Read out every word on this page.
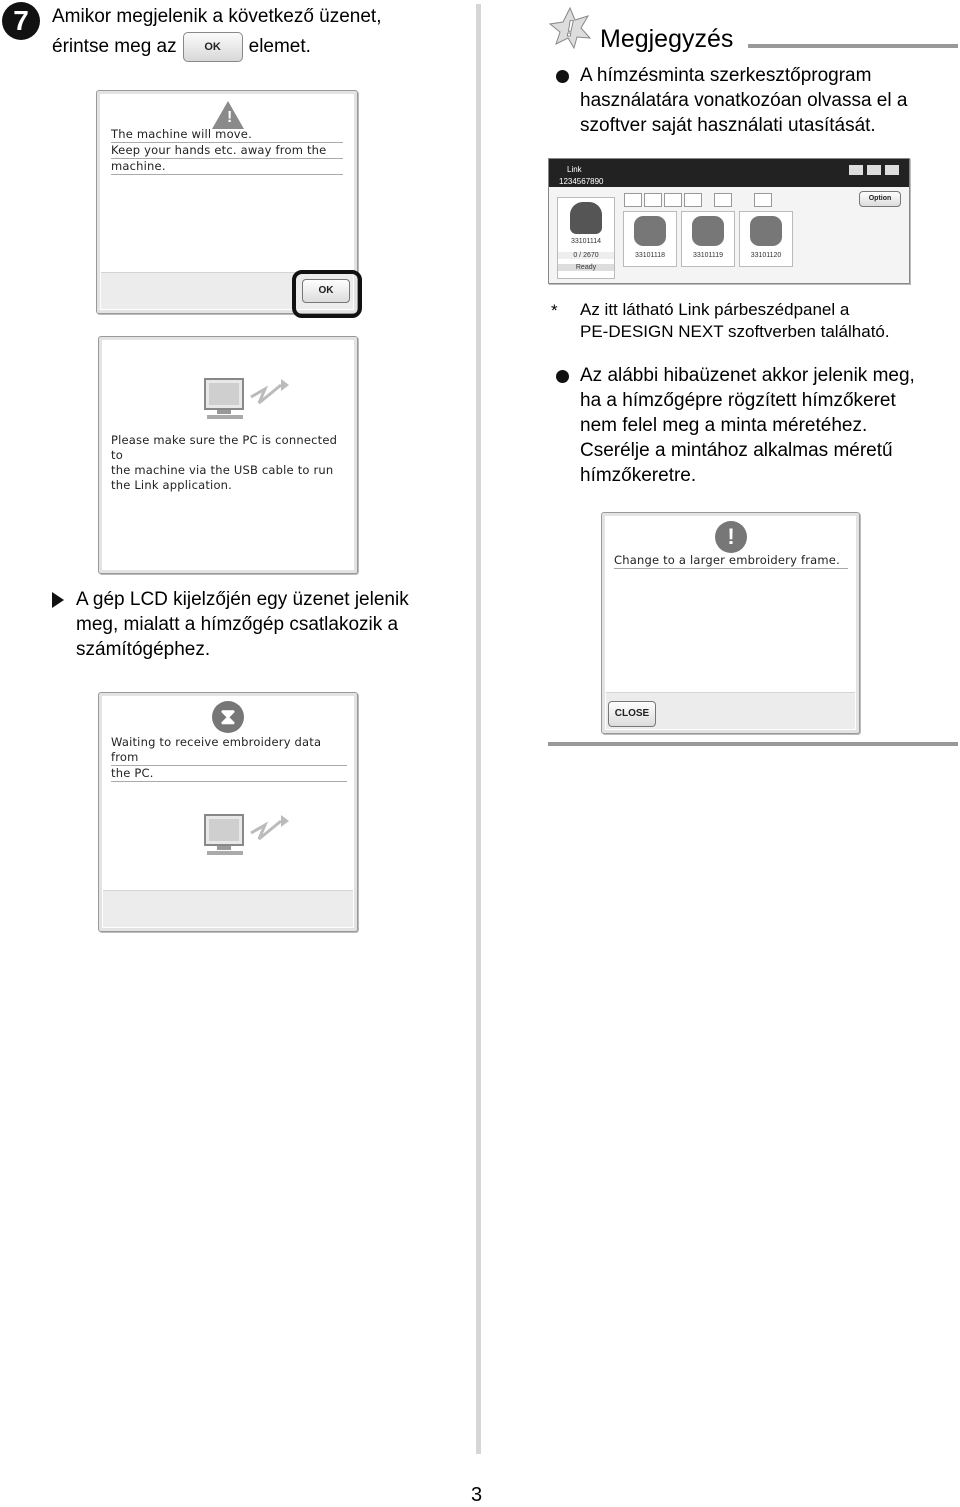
7	Amikor megjelenik a következő üzenet,
érintse meg az	OK elemet.
!
The machine will move.
Keep your hands etc. away from the
machine.
OK
Please make sure the PC is connected to
the machine via the USB cable to run
the Link application.
A gép LCD kijelzőjén egy üzenet jelenik
meg, mialatt a hímzőgép csatlakozik a
számítógéphez.
⧗
Waiting to receive embroidery data from
the PC.
! Megjegyzés
A hímzésminta szerkesztőprogram
használatára vonatkozóan olvassa el a
szoftver saját használati utasítását.
Link
1234567890
Option
33101114
0 / 2670
Ready
33101118	33101119	33101120
* Az itt látható Link párbeszédpanel a
PE-DESIGN NEXT szoftverben található.
Az alábbi hibaüzenet akkor jelenik meg,
ha a hímzőgépre rögzített hímzőkeret
nem felel meg a minta méretéhez.
Cserélje a mintához alkalmas méretű
hímzőkeretre.
!
Change to a larger embroidery frame.
CLOSE
3
